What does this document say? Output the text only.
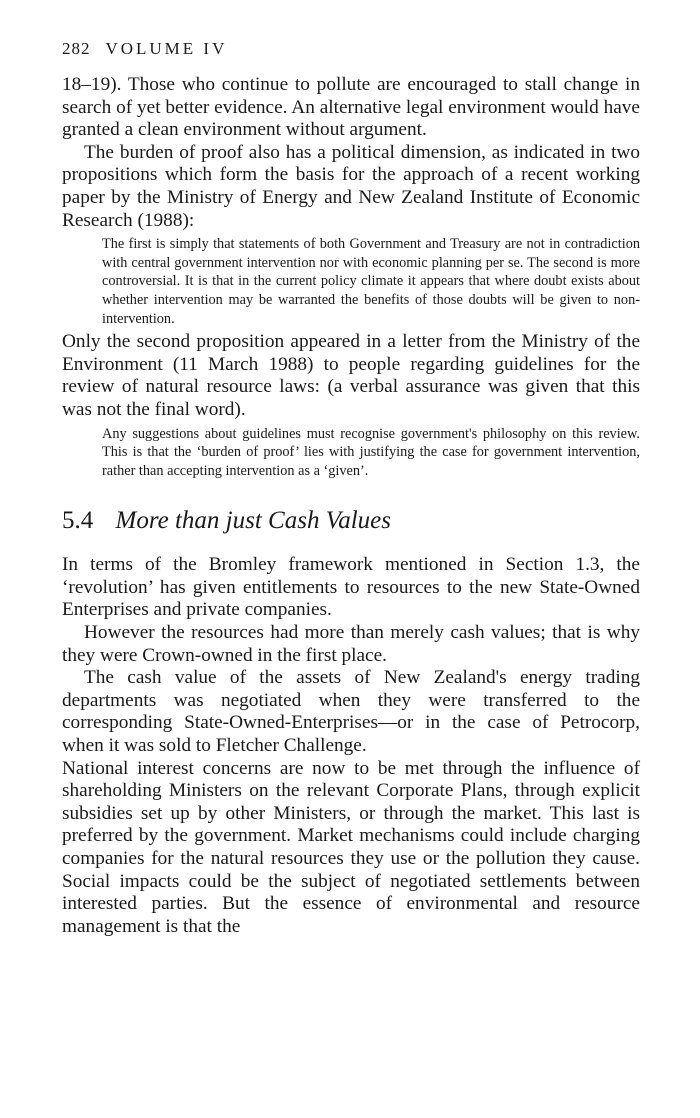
282 VOLUME IV

18–19). Those who continue to pollute are encouraged to stall change in search of yet better evidence. An alternative legal environment would have granted a clean environment without argument.

The burden of proof also has a political dimension, as indicated in two propositions which form the basis for the approach of a recent working paper by the Ministry of Energy and New Zealand Institute of Economic Research (1988):

The first is simply that statements of both Government and Treasury are not in contradiction with central government intervention nor with economic planning per se. The second is more controversial. It is that in the current policy climate it appears that where doubt exists about whether intervention may be warranted the benefits of those doubts will be given to non-intervention.

Only the second proposition appeared in a letter from the Ministry of the Environment (11 March 1988) to people regarding guidelines for the review of natural resource laws: (a verbal assurance was given that this was not the final word).

Any suggestions about guidelines must recognise government's philosophy on this review. This is that the ‘burden of proof’ lies with justifying the case for government intervention, rather than accepting intervention as a ‘given’.

5.4 More than just Cash Values

In terms of the Bromley framework mentioned in Section 1.3, the ‘revolution’ has given entitlements to resources to the new State-Owned Enterprises and private companies.

However the resources had more than merely cash values; that is why they were Crown-owned in the first place.

The cash value of the assets of New Zealand's energy trading departments was negotiated when they were transferred to the corresponding State-Owned-Enterprises—or in the case of Petrocorp, when it was sold to Fletcher Challenge.

National interest concerns are now to be met through the influence of shareholding Ministers on the relevant Corporate Plans, through explicit subsidies set up by other Ministers, or through the market. This last is preferred by the government. Market mechanisms could include charging companies for the natural resources they use or the pollution they cause. Social impacts could be the subject of negotiated settlements between interested parties. But the essence of environmental and resource management is that the
